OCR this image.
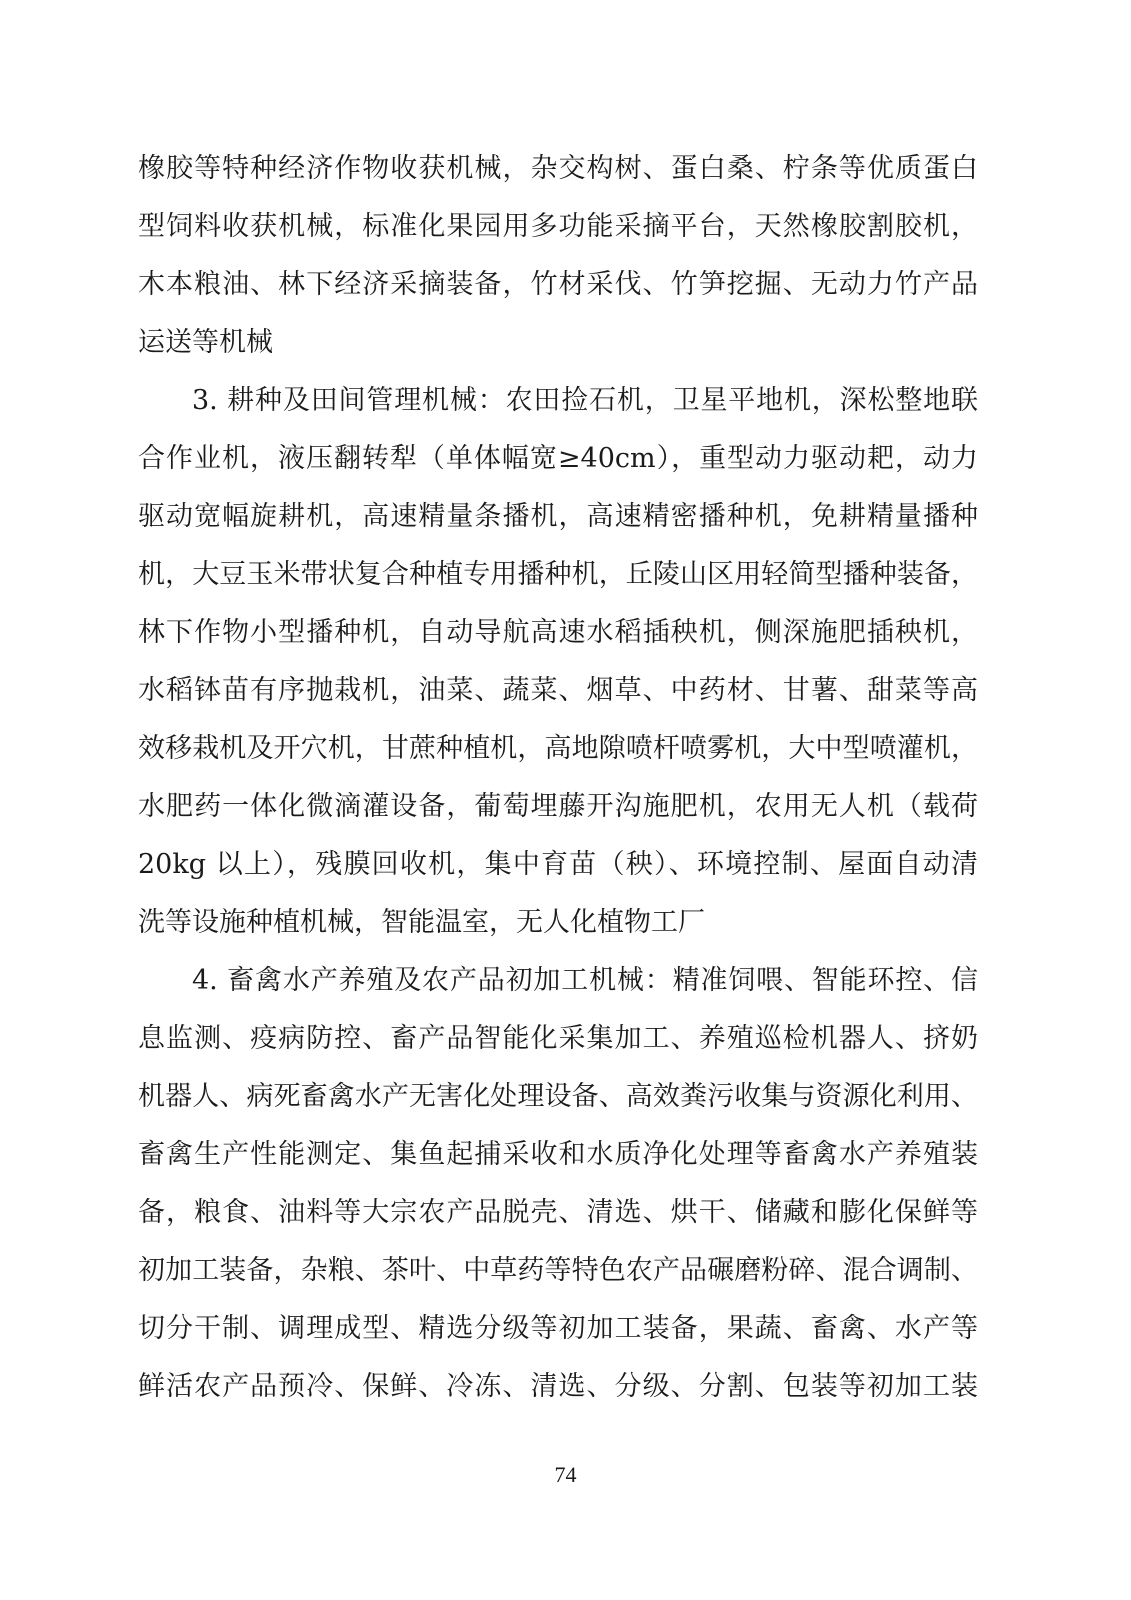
橡胶等特种经济作物收获机械，杂交构树、蛋白桑、柠条等优质蛋白
型饲料收获机械，标准化果园用多功能采摘平台，天然橡胶割胶机，
木本粮油、林下经济采摘装备，竹材采伐、竹笋挖掘、无动力竹产品
运送等机械
3. 耕种及田间管理机械：农田捡石机，卫星平地机，深松整地联
合作业机，液压翻转犁（单体幅宽≥40cm），重型动力驱动耙，动力
驱动宽幅旋耕机，高速精量条播机，高速精密播种机，免耕精量播种
机，大豆玉米带状复合种植专用播种机，丘陵山区用轻简型播种装备，
林下作物小型播种机，自动导航高速水稻插秧机，侧深施肥插秧机，
水稻钵苗有序抛栽机，油菜、蔬菜、烟草、中药材、甘薯、甜菜等高
效移栽机及开穴机，甘蔗种植机，高地隙喷杆喷雾机，大中型喷灌机，
水肥药一体化微滴灌设备，葡萄埋藤开沟施肥机，农用无人机（载荷
20kg 以上），残膜回收机，集中育苗（秧）、环境控制、屋面自动清
洗等设施种植机械，智能温室，无人化植物工厂
4. 畜禽水产养殖及农产品初加工机械：精准饲喂、智能环控、信
息监测、疫病防控、畜产品智能化采集加工、养殖巡检机器人、挤奶
机器人、病死畜禽水产无害化处理设备、高效粪污收集与资源化利用、
畜禽生产性能测定、集鱼起捕采收和水质净化处理等畜禽水产养殖装
备，粮食、油料等大宗农产品脱壳、清选、烘干、储藏和膨化保鲜等
初加工装备，杂粮、茶叶、中草药等特色农产品碾磨粉碎、混合调制、
切分干制、调理成型、精选分级等初加工装备，果蔬、畜禽、水产等
鲜活农产品预冷、保鲜、冷冻、清选、分级、分割、包装等初加工装
74
